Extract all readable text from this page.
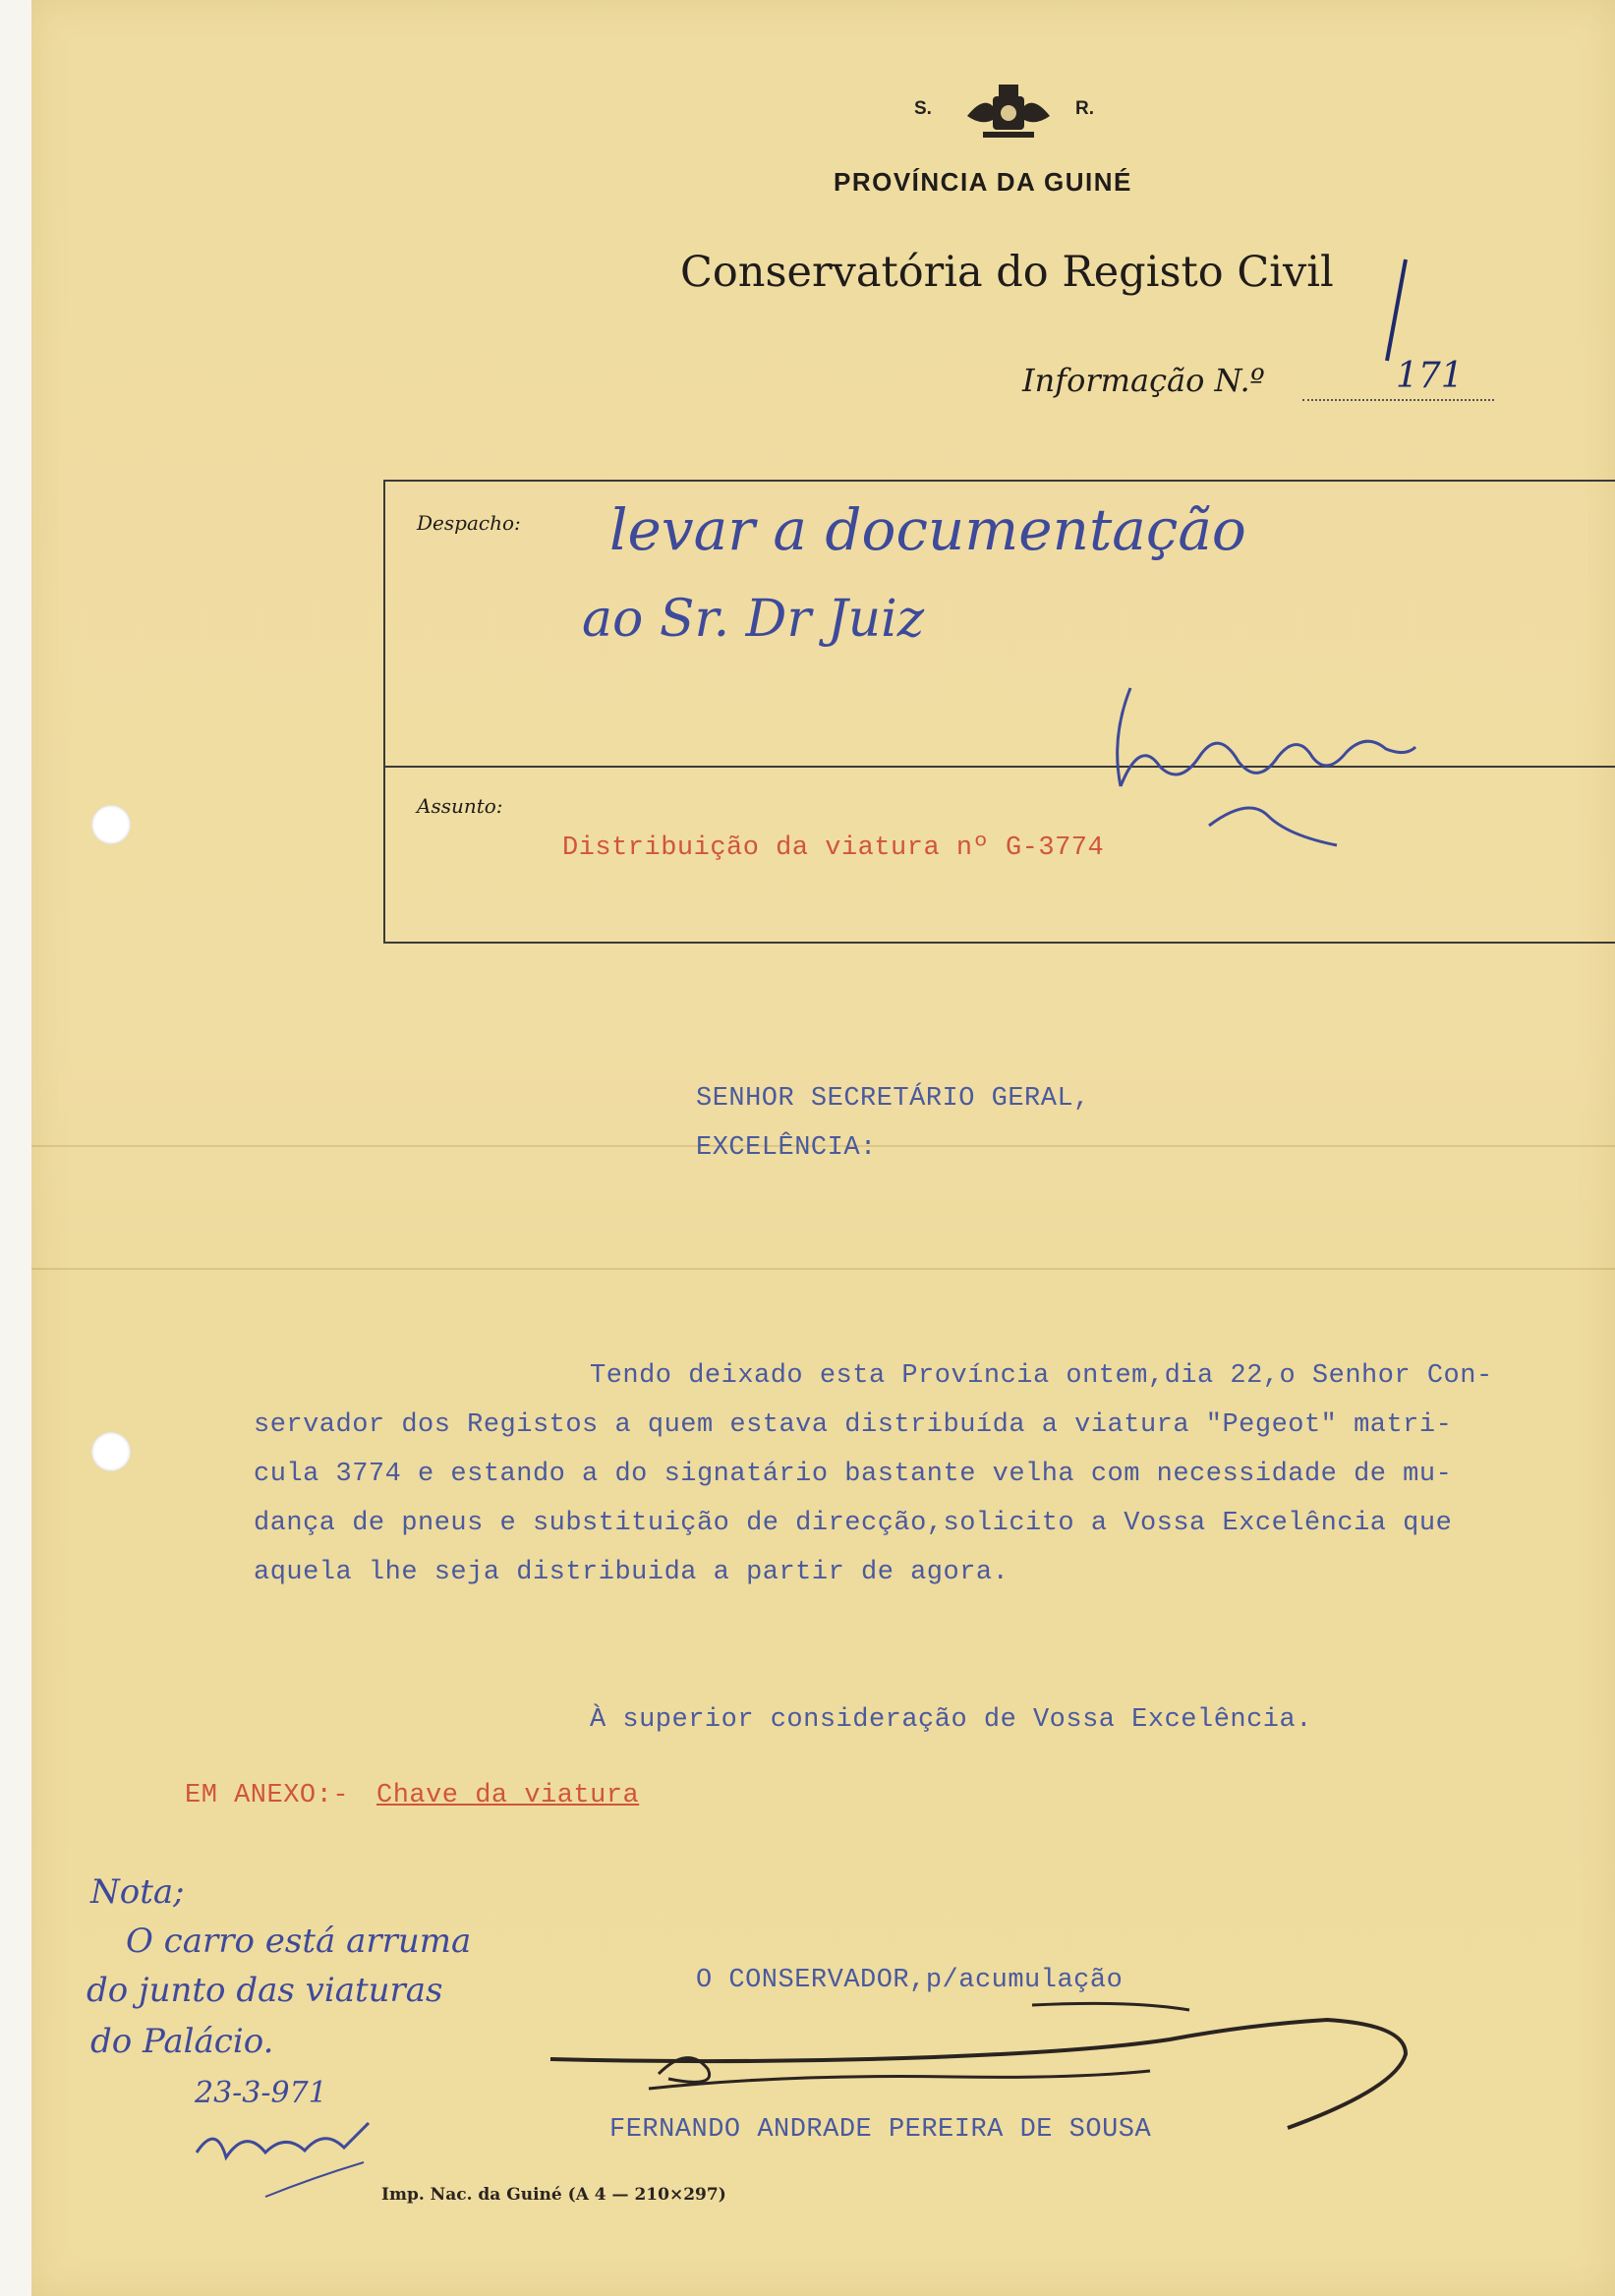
S.	R.
PROVÍNCIA DA GUINÉ
Conservatória do Registo Civil
Informação N.º	171
Despacho: levar a documentação
ao Sr. Dr Juiz
Assunto:
Distribuição da viatura nº G-3774
SENHOR SECRETÁRIO GERAL,
EXCELÊNCIA:
Tendo deixado esta Província ontem,dia 22,o Senhor Con-
servador dos Registos a quem estava distribuída a viatura "Pegeot" matri-
cula 3774 e estando a do signatário bastante velha com necessidade de mu-
dança de pneus e substituição de direcção,solicito a Vossa Excelência que
aquela lhe seja distribuida a partir de agora.
À superior consideração de Vossa Excelência.
EM ANEXO:- Chave da viatura
Nota;
O carro está arruma
do junto das viaturas
do Palácio.
23-3-971
O CONSERVADOR,p/acumulação
FERNANDO ANDRADE PEREIRA DE SOUSA
Imp. Nac. da Guiné (A 4 — 210×297)
